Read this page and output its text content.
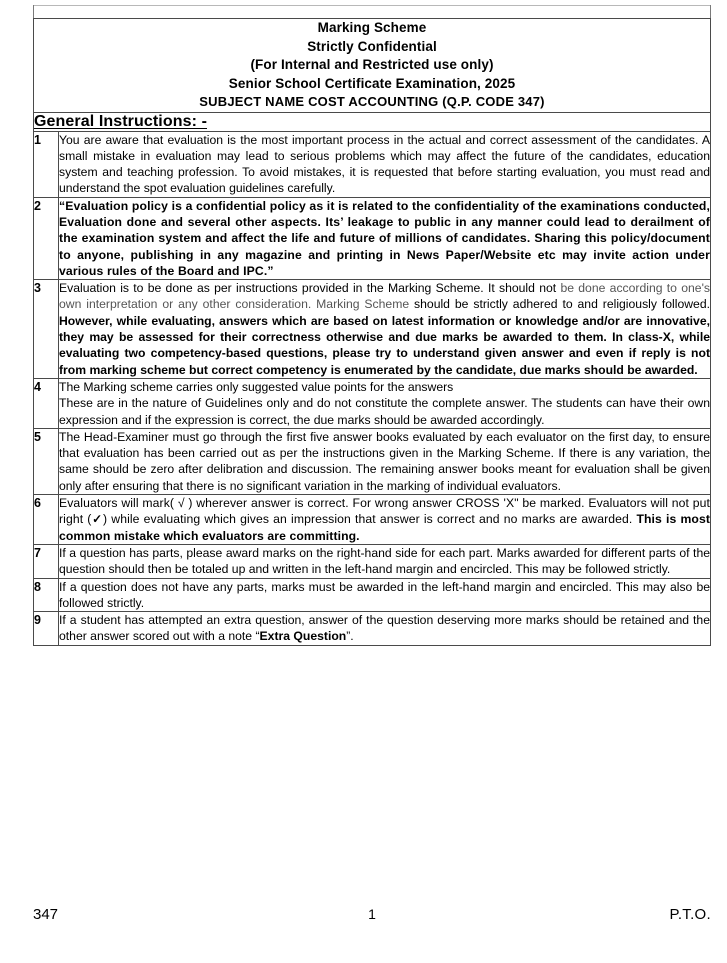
Marking Scheme
Strictly Confidential
(For Internal and Restricted use only)
Senior School Certificate Examination, 2025
SUBJECT NAME COST ACCOUNTING (Q.P. CODE 347)	

General Instructions: -	
1	You are aware that evaluation is the most important process in the actual and correct assessment of the candidates. A small mistake in evaluation may lead to serious problems which may affect the future of the candidates, education system and teaching profession. To avoid mistakes, it is requested that before starting evaluation, you must read and understand the spot evaluation guidelines carefully.

2	“Evaluation policy is a confidential policy as it is related to the confidentiality of the examinations conducted, Evaluation done and several other aspects. Its’ leakage to public in any manner could lead to derailment of the examination system and affect the life and future of millions of candidates. Sharing this policy/document to anyone, publishing in any magazine and printing in News Paper/Website etc may invite action under various rules of the Board and IPC.”

3	Evaluation is to be done as per instructions provided in the Marking Scheme. It should not be done according to one's own interpretation or any other consideration. Marking Scheme should be strictly adhered to and religiously followed. However, while evaluating, answers which are based on latest information or knowledge and/or are innovative, they may be assessed for their correctness otherwise and due marks be awarded to them. In class-X, while evaluating two competency-based questions, please try to understand given answer and even if reply is not from marking scheme but correct competency is enumerated by the candidate, due marks should be awarded.

4	The Marking scheme carries only suggested value points for the answers

These are in the nature of Guidelines only and do not constitute the complete answer. The students can have their own expression and if the expression is correct, the due marks should be awarded accordingly.

5	The Head-Examiner must go through the first five answer books evaluated by each evaluator on the first day, to ensure that evaluation has been carried out as per the instructions given in the Marking Scheme. If there is any variation, the same should be zero after delibration and discussion. The remaining answer books meant for evaluation shall be given only after ensuring that there is no significant variation in the marking of individual evaluators.

6	Evaluators will mark( √ ) wherever answer is correct. For wrong answer CROSS 'X" be marked. Evaluators will not put right (✓) while evaluating which gives an impression that answer is correct and no marks are awarded. This is most common mistake which evaluators are committing.

7	If a question has parts, please award marks on the right-hand side for each part. Marks awarded for different parts of the question should then be totaled up and written in the left-hand margin and encircled. This may be followed strictly.

8	If a question does not have any parts, marks must be awarded in the left-hand margin and encircled. This may also be followed strictly.

9	If a student has attempted an extra question, answer of the question deserving more marks should be retained and the other answer scored out with a note “Extra Question”.

347	1	P.T.O.
